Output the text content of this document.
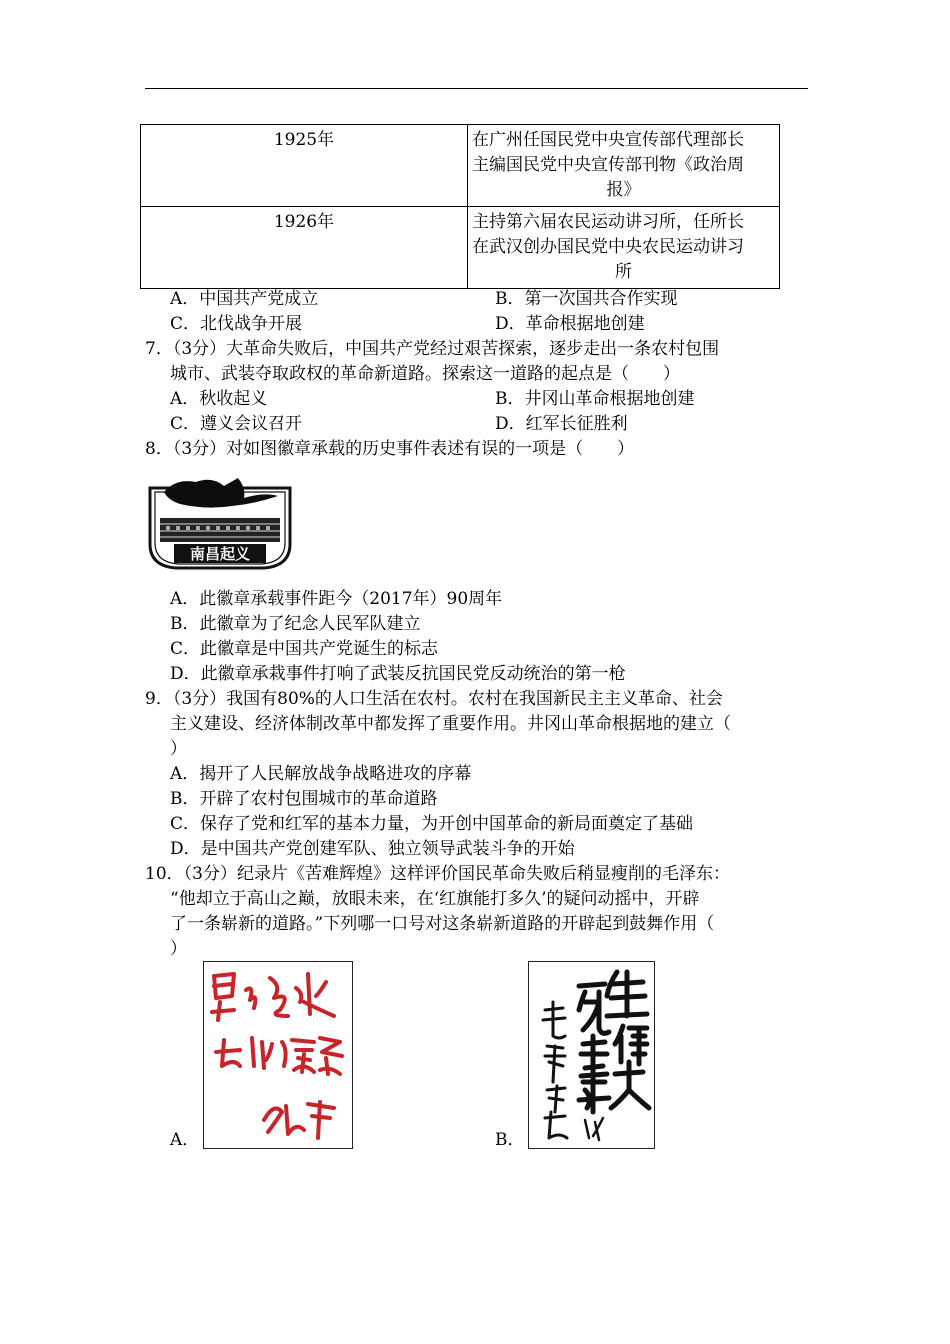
1925年	在广州任国民党中央宣传部代理部长
主编国民党中央宣传部刊物《政治周
报》

1926年	主持第六届农民运动讲习所，任所长
在武汉创办国民党中央农民运动讲习
所
A．中国共产党成立	B．第一次国共合作实现
C．北伐战争开展	D．革命根据地创建
7．（3分）大革命失败后，中国共产党经过艰苦探索，逐步走出一条农村包围
城市、武装夺取政权的革命新道路。探索这一道路的起点是（　　）
A．秋收起义	B．井冈山革命根据地创建
C．遵义会议召开	D．红军长征胜利
8．（3分）对如图徽章承载的历史事件表述有误的一项是（　　）
南昌起义
A．此徽章承载事件距今（2017年）90周年
B．此徽章为了纪念人民军队建立
C．此徽章是中国共产党诞生的标志
D．此徽章承栽事件打响了武装反抗国民党反动统治的第一枪
9．（3分）我国有80%的人口生活在农村。农村在我国新民主主义革命、社会
主义建设、经济体制改革中都发挥了重要作用。井冈山革命根据地的建立（
）
A．揭开了人民解放战争战略进攻的序幕
B．开辟了农村包围城市的革命道路
C．保存了党和红军的基本力量，为开创中国革命的新局面奠定了基础
D．是中国共产党创建军队、独立领导武装斗争的开始
10．（3分）纪录片《苦难辉煌》这样评价国民革命失败后稍显瘦削的毛泽东：
“他却立于高山之巅，放眼未来，在‘红旗能打多久’的疑问动摇中，开辟
了一条崭新的道路。”下列哪一口号对这条崭新道路的开辟起到鼓舞作用（
）
A．	B．
